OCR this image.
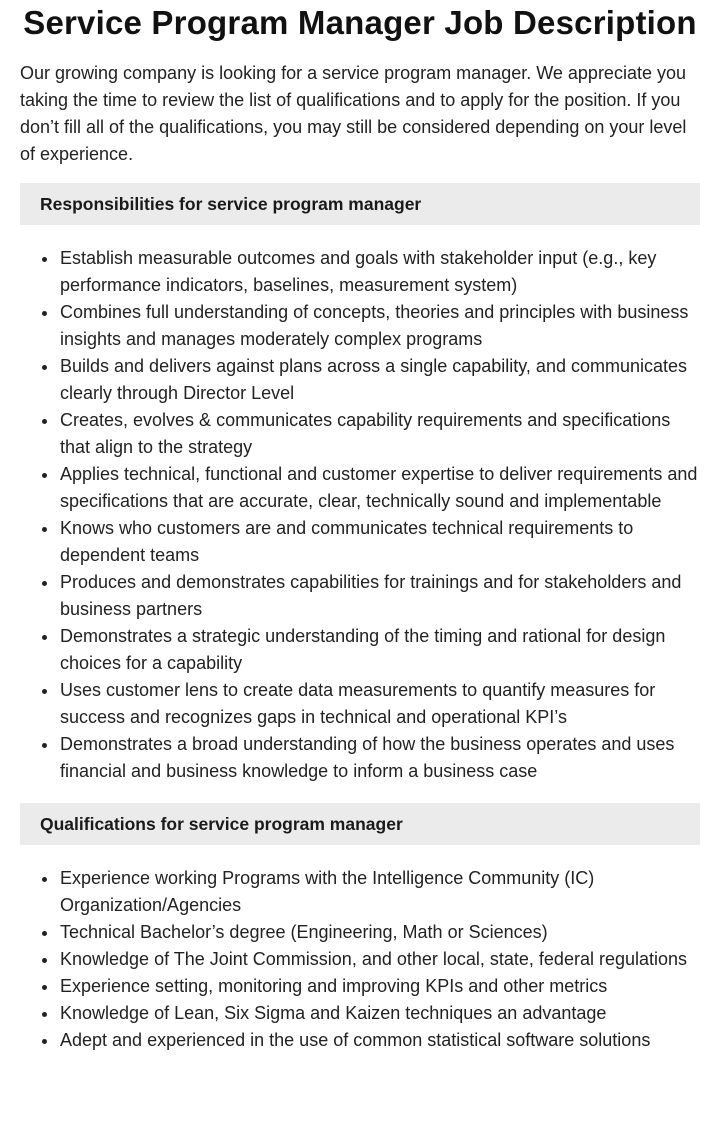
Service Program Manager Job Description

Our growing company is looking for a service program manager. We appreciate you taking the time to review the list of qualifications and to apply for the position. If you don’t fill all of the qualifications, you may still be considered depending on your level of experience.

Responsibilities for service program manager
Establish measurable outcomes and goals with stakeholder input (e.g., key performance indicators, baselines, measurement system)
Combines full understanding of concepts, theories and principles with business insights and manages moderately complex programs
Builds and delivers against plans across a single capability, and communicates clearly through Director Level
Creates, evolves & communicates capability requirements and specifications that align to the strategy
Applies technical, functional and customer expertise to deliver requirements and specifications that are accurate, clear, technically sound and implementable
Knows who customers are and communicates technical requirements to dependent teams
Produces and demonstrates capabilities for trainings and for stakeholders and business partners
Demonstrates a strategic understanding of the timing and rational for design choices for a capability
Uses customer lens to create data measurements to quantify measures for success and recognizes gaps in technical and operational KPI’s
Demonstrates a broad understanding of how the business operates and uses financial and business knowledge to inform a business case
Qualifications for service program manager
Experience working Programs with the Intelligence Community (IC) Organization/Agencies
Technical Bachelor’s degree (Engineering, Math or Sciences)
Knowledge of The Joint Commission, and other local, state, federal regulations
Experience setting, monitoring and improving KPIs and other metrics
Knowledge of Lean, Six Sigma and Kaizen techniques an advantage
Adept and experienced in the use of common statistical software solutions
